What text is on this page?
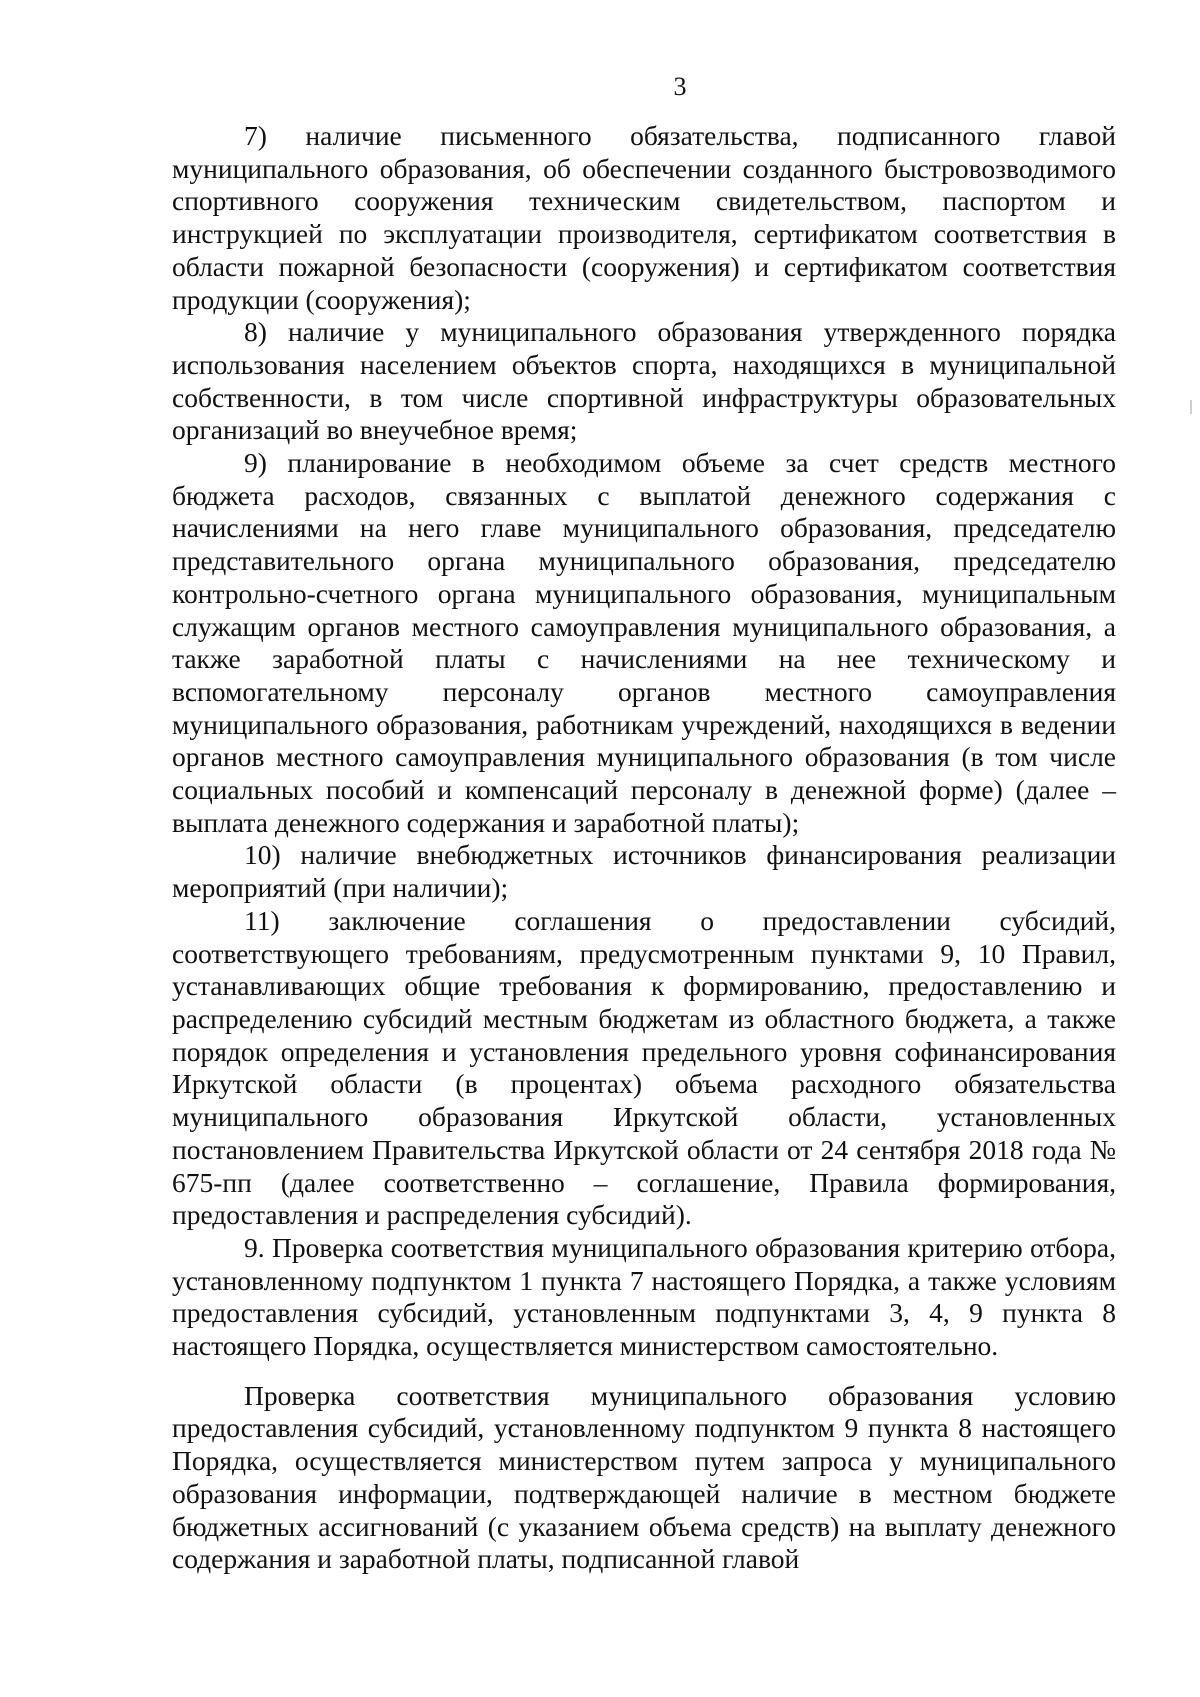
3

7) наличие письменного обязательства, подписанного главой муниципального образования, об обеспечении созданного быстровозводимого спортивного сооружения техническим свидетельством, паспортом и инструкцией по эксплуатации производителя, сертификатом соответствия в области пожарной безопасности (сооружения) и сертификатом соответствия продукции (сооружения);

8) наличие у муниципального образования утвержденного порядка использования населением объектов спорта, находящихся в муниципальной собственности, в том числе спортивной инфраструктуры образовательных организаций во внеучебное время;

9) планирование в необходимом объеме за счет средств местного бюджета расходов, связанных с выплатой денежного содержания с начислениями на него главе муниципального образования, председателю представительного органа муниципального образования, председателю контрольно-счетного органа муниципального образования, муниципальным служащим органов местного самоуправления муниципального образования, а также заработной платы с начислениями на нее техническому и вспомогательному персоналу органов местного самоуправления муниципального образования, работникам учреждений, находящихся в ведении органов местного самоуправления муниципального образования (в том числе социальных пособий и компенсаций персоналу в денежной форме) (далее – выплата денежного содержания и заработной платы);

10) наличие внебюджетных источников финансирования реализации мероприятий (при наличии);

11) заключение соглашения о предоставлении субсидий, соответствующего требованиям, предусмотренным пунктами 9, 10 Правил, устанавливающих общие требования к формированию, предоставлению и распределению субсидий местным бюджетам из областного бюджета, а также порядок определения и установления предельного уровня софинансирования Иркутской области (в процентах) объема расходного обязательства муниципального образования Иркутской области, установленных постановлением Правительства Иркутской области от 24 сентября 2018 года № 675-пп (далее соответственно – соглашение, Правила формирования, предоставления и распределения субсидий).

9. Проверка соответствия муниципального образования критерию отбора, установленному подпунктом 1 пункта 7 настоящего Порядка, а также условиям предоставления субсидий, установленным подпунктами 3, 4, 9 пункта 8 настоящего Порядка, осуществляется министерством самостоятельно.

Проверка соответствия муниципального образования условию предоставления субсидий, установленному подпунктом 9 пункта 8 настоящего Порядка, осуществляется министерством путем запроса у муниципального образования информации, подтверждающей наличие в местном бюджете бюджетных ассигнований (с указанием объема средств) на выплату денежного содержания и заработной платы, подписанной главой
